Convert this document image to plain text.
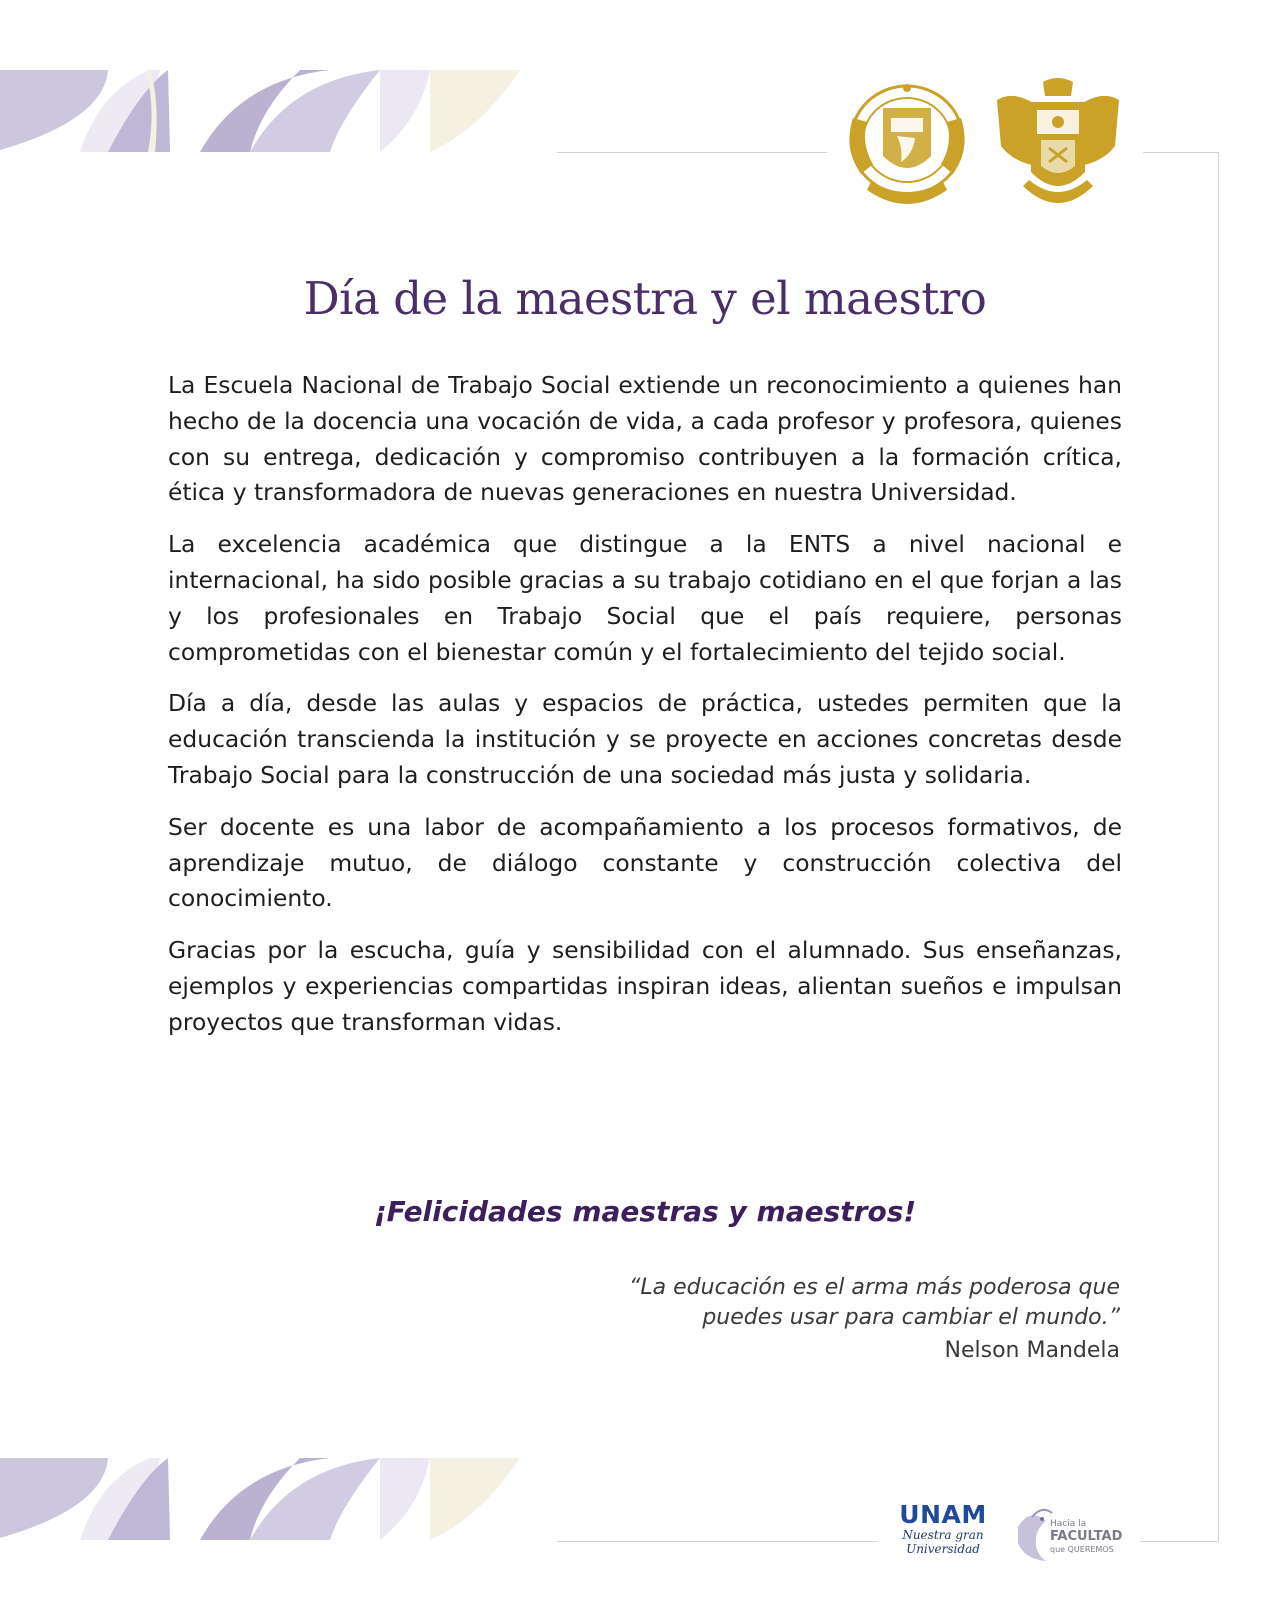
Día de la maestra y el maestro

La Escuela Nacional de Trabajo Social extiende un reconocimiento a quienes han hecho de la docencia una vocación de vida, a cada profesor y profesora, quienes con su entrega, dedicación y compromiso contribuyen a la formación crítica, ética y transformadora de nuevas generaciones en nuestra Universidad.

La excelencia académica que distingue a la ENTS a nivel nacional e internacional, ha sido posible gracias a su trabajo cotidiano en el que forjan a las y los profesionales en Trabajo Social que el país requiere, personas comprometidas con el bienestar común y el fortalecimiento del tejido social.

Día a día, desde las aulas y espacios de práctica, ustedes permiten que la educación transcienda la institución y se proyecte en acciones concretas desde Trabajo Social para la construcción de una sociedad más justa y solidaria.

Ser docente es una labor de acompañamiento a los procesos formativos, de aprendizaje mutuo, de diálogo constante y construcción colectiva del conocimiento.

Gracias por la escucha, guía y sensibilidad con el alumnado. Sus enseñanzas, ejemplos y experiencias compartidas inspiran ideas, alientan sueños e impulsan proyectos que transforman vidas.

¡Felicidades maestras y maestros!

“La educación es el arma más poderosa que
puedes usar para cambiar el mundo.”
Nelson Mandela
UNAM
Nuestra gran
Universidad
Hacia la
FACULTAD
que QUEREMOS
